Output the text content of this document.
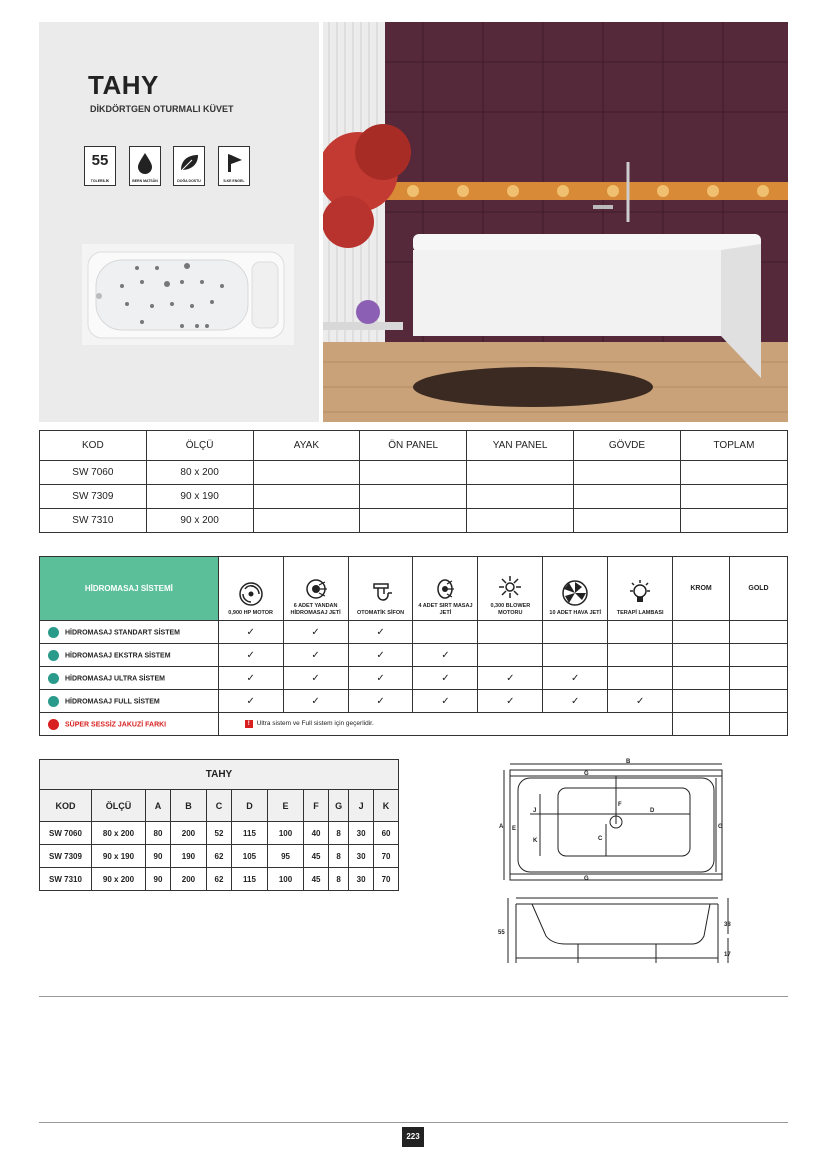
TAHY
DİKDÖRTGEN OTURMALI KÜVET
55
TOLERİLİK	BERN MATSÜN	DOĞA DOSTU	İLKE ENGEL
KOD	ÖLÇÜ	AYAK	ÖN PANEL	YAN PANEL	GÖVDE	TOPLAM
SW 7060	80 x 200					
SW 7309	90 x 190					
SW 7310	90 x 200					
HİDROMASAJ SİSTEMİ	0,900 HP MOTOR	6 ADET YANDAN HİDROMASAJ JETİ	OTOMATİK SİFON	4 ADET SIRT MASAJ JETİ	0,300 BLOWER MOTORU	10 ADET HAVA JETİ	TERAPİ LAMBASI	KROM	GOLD
HİDROMASAJ STANDART SİSTEM	✓	✓	✓						
HİDROMASAJ EKSTRA SİSTEM	✓	✓	✓	✓					
HİDROMASAJ ULTRA SİSTEM	✓	✓	✓	✓	✓	✓			
HİDROMASAJ FULL SİSTEM	✓	✓	✓	✓	✓	✓	✓		
SÜPER SESSİZ JAKUZİ FARKI	! Ultra sistem ve Full sistem için geçerlidir.								
TAHY										
KOD	ÖLÇÜ	A	B	C	D	E	F	G	J	K
SW 7060	80 x 200	80	200	52	115	100	40	8	30	60
SW 7309	90 x 190	90	190	62	105	95	45	8	30	70
SW 7310	90 x 200	90	200	62	115	100	45	8	30	70
B
G
A E
J
K
F
D
C
G
G
55
38
17
223
